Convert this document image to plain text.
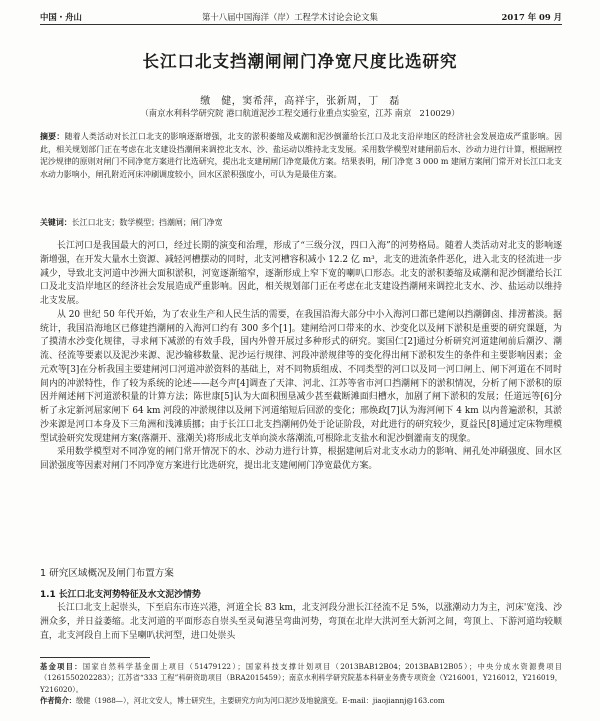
中国・舟山	第十八届中国海洋（岸）工程学术讨论会论文集	2017 年 09 月
长江口北支挡潮闸闸门净宽尺度比选研究
缴　健，窦希萍，高祥宇，张新周，丁　磊
（南京水利科学研究院 港口航道泥沙工程交通行业重点实验室，江苏 南京　210029）
摘要：随着人类活动对长江口北支的影响逐渐增强，北支的淤积萎缩及咸潮和泥沙倒灌给长江口及北支沿岸地区的经济社会发展造成严重影响。因此，相关规划部门正在考虑在北支建设挡潮闸来调控北支水、沙、盐运动以维持北支发展。采用数学模型对建闸前后水、沙动力进行计算，根据闸控泥沙规律的原则对闸门不同净宽方案进行比选研究，提出北支建闸闸门净宽最优方案。结果表明，闸门净宽 3 000 m 建闸方案闸门常开对长江口北支水动力影响小，闸孔附近河床冲刷调度较小，回水区淤积强度小，可认为是最佳方案。
关键词：长江口北支；数学模型；挡潮闸；闸门净宽

长江河口是我国最大的河口，经过长期的演变和治理，形成了“三级分汊，四口入海”的河势格局。随着人类活动对北支的影响逐渐增强，在开发大量水土资源、减轻河槽摆动的同时，北支河槽容积减小 12.2 亿 m³，北支的进流条件恶化，进入北支的径流进一步减少，导致北支河道中沙洲大面积淤积，河宽逐渐缩窄，逐渐形成上窄下宽的喇叭口形态。北支的淤积萎缩及咸潮和泥沙倒灌给长江口及北支沿岸地区的经济社会发展造成严重影响。因此，相关规划部门正在考虑在北支建设挡潮闸来调控北支水、沙、盐运动以维持北支发展。

从 20 世纪 50 年代开始，为了农业生产和人民生活的需要，在我国沿海大部分中小入海河口都已建闸以挡潮御卤、排涝蓄淡。据统计，我国沿海地区已修建挡潮闸的入海河口约有 300 多个[1]。建闸给河口带来的水、沙变化以及闸下淤积是重要的研究课题，为了摸清水沙变化规律，寻求闸下减淤的有效手段，国内外曾开展过多种形式的研究。窦国仁[2]通过分析研究河道建闸前后潮汐、潮流、径流等要素以及泥沙来源、泥沙输移数量、泥沙运行规律、河段冲淤规律等的变化得出闸下淤积发生的条件和主要影响因素；金元欢等[3]在分析我国主要建闸河口河道冲淤资料的基础上，对不同物质组成、不同类型的河口以及同一河口闸上、闸下河道在不同时间内的冲淤特性，作了较为系统的论述——赵今声[4]调查了天津、河北、江苏等省市河口挡潮闸下的淤积情况，分析了闸下淤积的原因并阐述闸下河道淤积量的计算方法；陈世康[5]认为大面积围垦减少甚至截断滩面归槽水，加剧了闸下淤积的发展；任道远等[6]分析了永定新河屈家闸下 64 km 河段的冲淤规律以及闸下河道缩短后回淤的变化；邢焕政[7]认为海河闸下 4 km 以内普遍淤积，其淤沙来源是河口本身及下三角洲和浅滩质挪；由于长江口北支挡潮闸仍处于论证阶段，对此进行的研究较少，夏益民[8]通过定床物理模型试验研究发现建闸方案(落潮开、涨潮关)将形成北支单向淡水落潮流,可根除北支盐水和泥沙倒灌南支的现象。

采用数学模型对不同净宽的闸门常开情况下的水、沙动力进行计算，根据建闸后对北支水动力的影响、闸孔处冲刷强度、回水区回淤强度等因素对闸门不同净宽方案进行比选研究，提出北支建闸闸门净宽最优方案。

1 研究区域概况及闸门布置方案
1.1 长江口北支河势特征及水文泥沙情势

长江口北支上起崇头，下至启东市连兴港，河道全长 83 km，北支河段分泄长江径流不足 5%，以涨潮动力为主，河床'宽浅、沙洲众多，并日益萎缩。北支河道的平面形态自崇头至灵甸港呈弯曲河势，弯顶在北岸大洪河至大新河之间，弯顶上、下游河道均较顺直，北支河段自上而下呈喇叭状河型，进口处崇头

基金项目：国家自然科学基金面上项目（51479122）；国家科技支撑计划项目（2013BAB12B04；2013BAB12B05）；中央分成水资源费项目（1261550202283）；江苏省“333 工程”科研资助项目（BRA2015459）；南京水利科学研究院基本科研业务费专项资金（Y216001，Y216012，Y216019，Y216020）。

作者简介：缴健（1988—），河北文安人，博士研究生，主要研究方向为河口泥沙及地貌演变。E-mail：jiaojiannj@163.com
